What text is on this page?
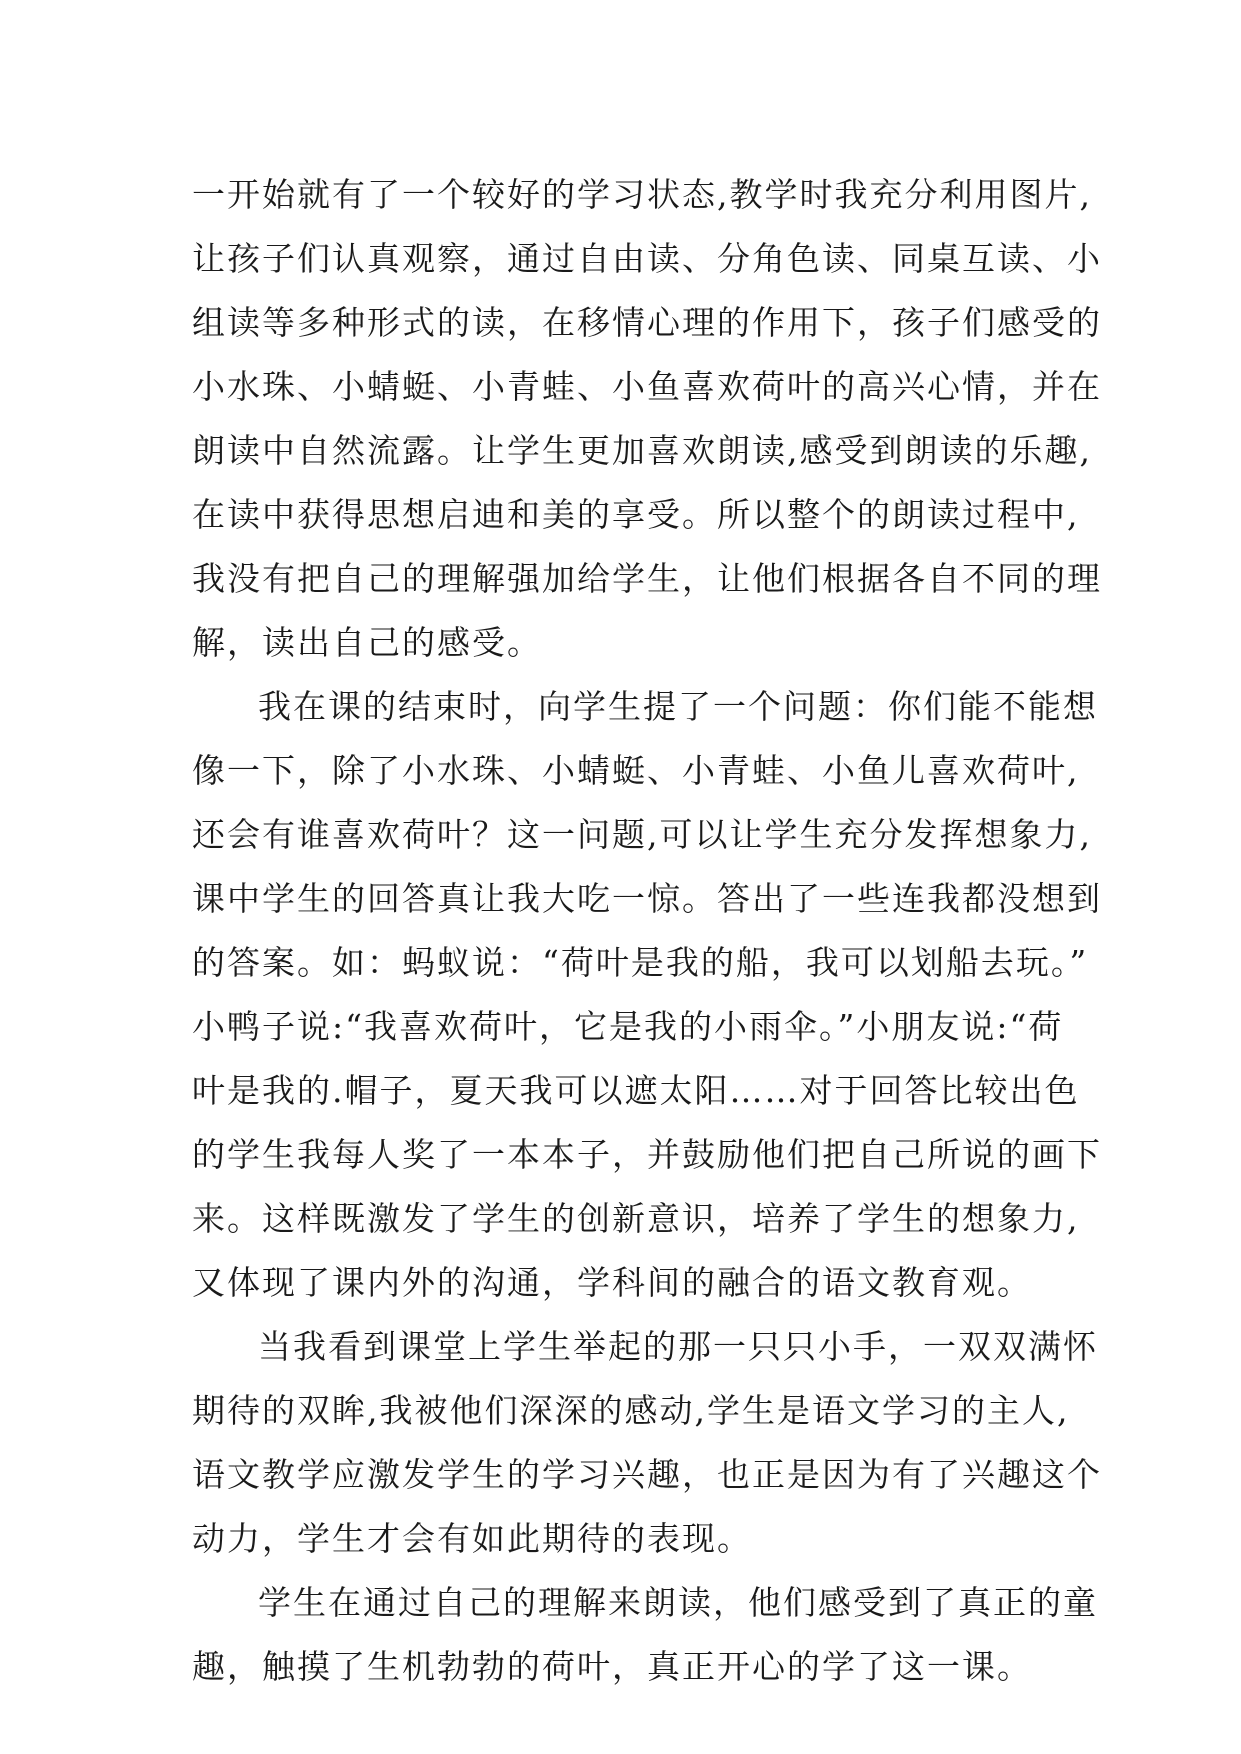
一开始就有了一个较好的学习状态,教学时我充分利用图片,
让孩子们认真观察，通过自由读、分角色读、同桌互读、小
组读等多种形式的读，在移情心理的作用下，孩子们感受的
小水珠、小蜻蜓、小青蛙、小鱼喜欢荷叶的高兴心情，并在
朗读中自然流露。让学生更加喜欢朗读,感受到朗读的乐趣,
在读中获得思想启迪和美的享受。所以整个的朗读过程中,
我没有把自己的理解强加给学生，让他们根据各自不同的理
解，读出自己的感受。
我在课的结束时，向学生提了一个问题：你们能不能想
像一下，除了小水珠、小蜻蜓、小青蛙、小鱼儿喜欢荷叶,
还会有谁喜欢荷叶？这一问题,可以让学生充分发挥想象力,
课中学生的回答真让我大吃一惊。答出了一些连我都没想到
的答案。如：蚂蚁说：“荷叶是我的船，我可以划船去玩。”
小鸭子说:“我喜欢荷叶，它是我的小雨伞。”小朋友说:“荷
叶是我的.帽子，夏天我可以遮太阳……对于回答比较出色
的学生我每人奖了一本本子，并鼓励他们把自己所说的画下
来。这样既激发了学生的创新意识，培养了学生的想象力,
又体现了课内外的沟通，学科间的融合的语文教育观。
当我看到课堂上学生举起的那一只只小手，一双双满怀
期待的双眸,我被他们深深的感动,学生是语文学习的主人,
语文教学应激发学生的学习兴趣，也正是因为有了兴趣这个
动力，学生才会有如此期待的表现。
学生在通过自己的理解来朗读，他们感受到了真正的童
趣，触摸了生机勃勃的荷叶，真正开心的学了这一课。
